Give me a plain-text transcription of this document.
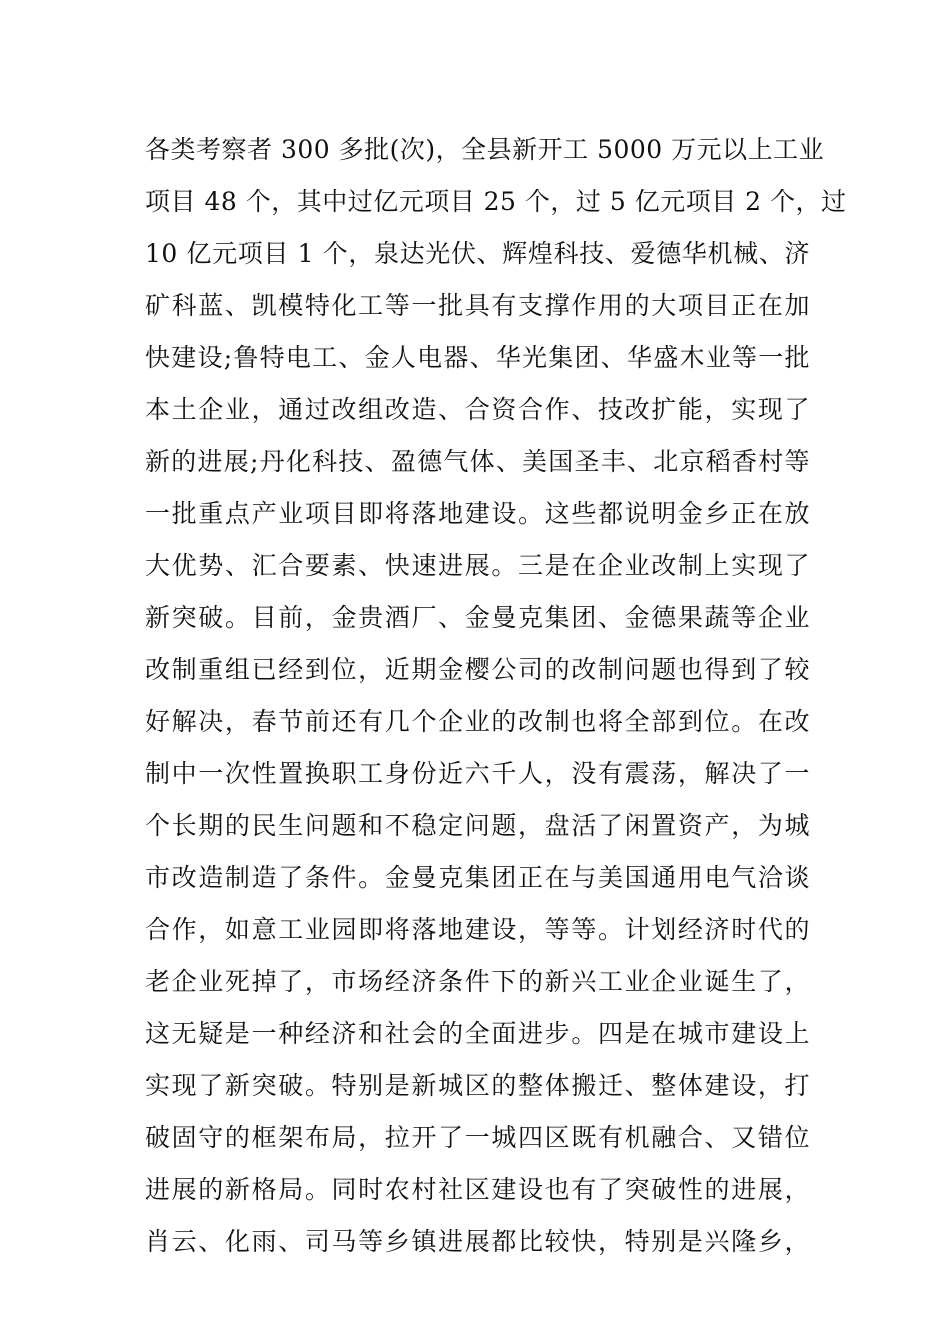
各类考察者 300 多批(次)，全县新开工 5000 万元以上工业
项目 48 个，其中过亿元项目 25 个，过 5 亿元项目 2 个，过
10 亿元项目 1 个，泉达光伏、辉煌科技、爱德华机械、济
矿科蓝、凯模特化工等一批具有支撑作用的大项目正在加
快建设;鲁特电工、金人电器、华光集团、华盛木业等一批
本土企业，通过改组改造、合资合作、技改扩能，实现了
新的进展;丹化科技、盈德气体、美国圣丰、北京稻香村等
一批重点产业项目即将落地建设。这些都说明金乡正在放
大优势、汇合要素、快速进展。三是在企业改制上实现了
新突破。目前，金贵酒厂、金曼克集团、金德果蔬等企业
改制重组已经到位，近期金樱公司的改制问题也得到了较
好解决，春节前还有几个企业的改制也将全部到位。在改
制中一次性置换职工身份近六千人，没有震荡，解决了一
个长期的民生问题和不稳定问题，盘活了闲置资产，为城
市改造制造了条件。金曼克集团正在与美国通用电气洽谈
合作，如意工业园即将落地建设，等等。计划经济时代的
老企业死掉了，市场经济条件下的新兴工业企业诞生了，
这无疑是一种经济和社会的全面进步。四是在城市建设上
实现了新突破。特别是新城区的整体搬迁、整体建设，打
破固守的框架布局，拉开了一城四区既有机融合、又错位
进展的新格局。同时农村社区建设也有了突破性的进展，
肖云、化雨、司马等乡镇进展都比较快，特别是兴隆乡，
